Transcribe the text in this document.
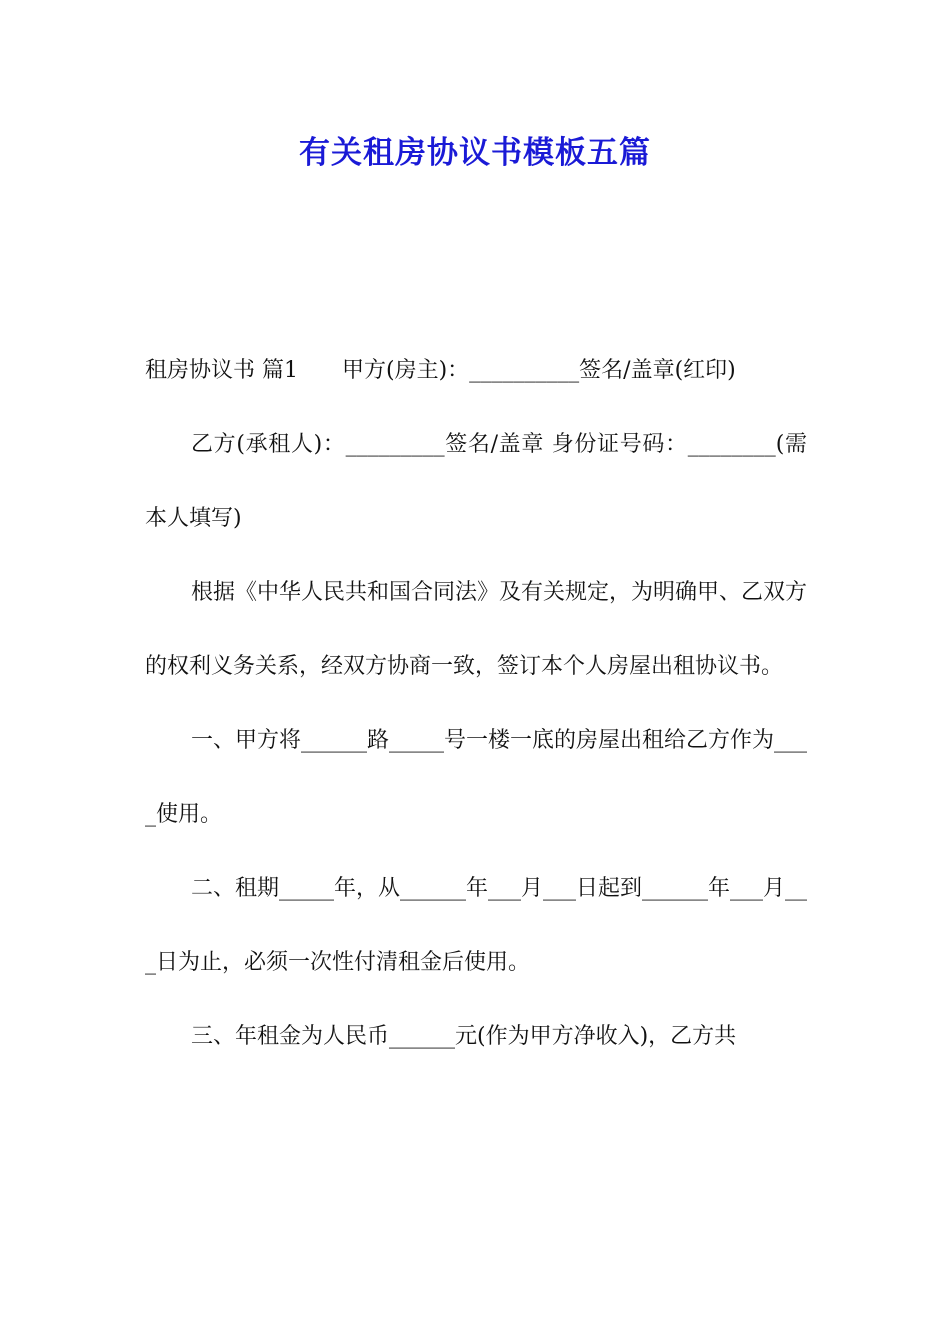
有关租房协议书模板五篇

租房协议书 篇1　　甲方(房主)：__________签名/盖章(红印)

乙方(承租人)：_________签名/盖章 身份证号码：________(需本人填写)

根据《中华人民共和国合同法》及有关规定，为明确甲、乙双方的权利义务关系，经双方协商一致，签订本个人房屋出租协议书。

一、甲方将______路_____号一楼一底的房屋出租给乙方作为____使用。

二、租期_____年，从______年___月___日起到______年___月___日为止，必须一次性付清租金后使用。

三、年租金为人民币______元(作为甲方净收入)，乙方共
